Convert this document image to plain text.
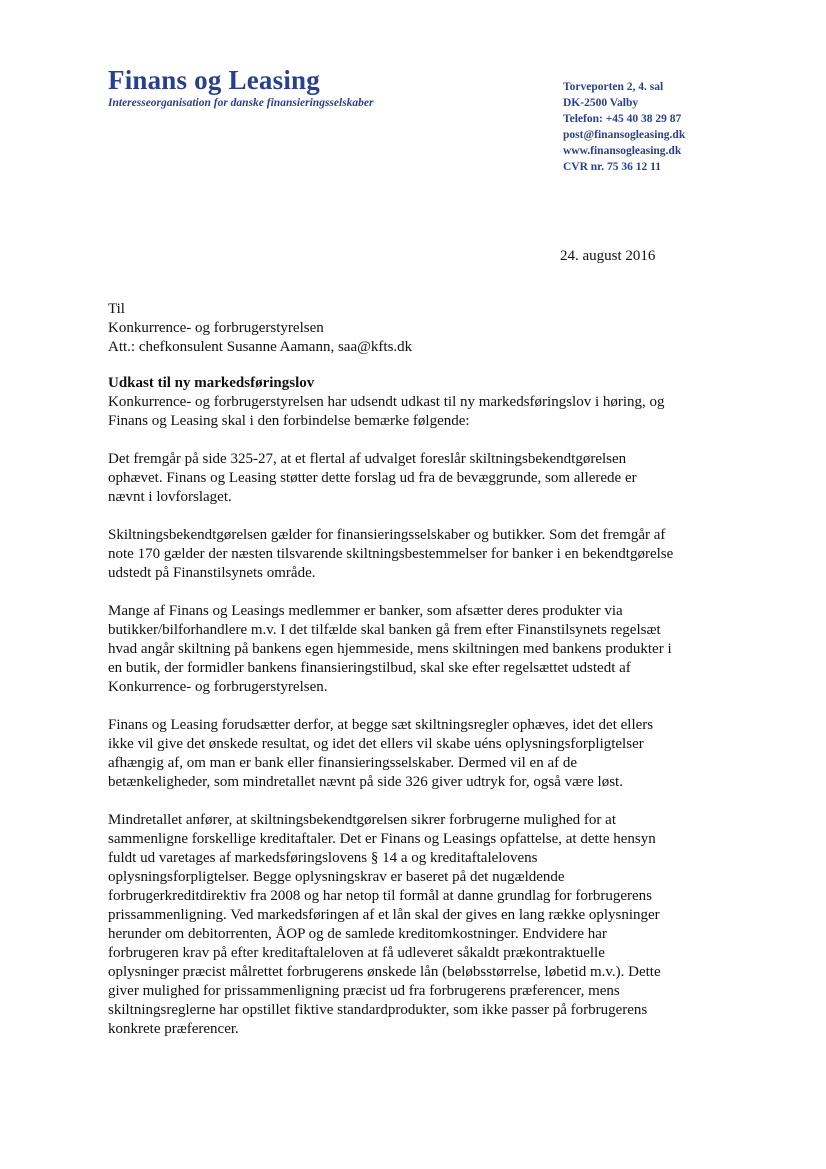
Finans og Leasing

Interesseorganisation for danske finansieringsselskaber

Torveporten 2, 4. sal
DK-2500 Valby
Telefon: +45 40 38 29 87
post@finansogleasing.dk
www.finansogleasing.dk
CVR nr. 75 36 12 11

24. august 2016

Til
Konkurrence- og forbrugerstyrelsen
Att.: chefkonsulent Susanne Aamann, saa@kfts.dk

Udkast til ny markedsføringslov

Konkurrence- og forbrugerstyrelsen har udsendt udkast til ny markedsføringslov i høring, og
Finans og Leasing skal i den forbindelse bemærke følgende:

Det fremgår på side 325-27, at et flertal af udvalget foreslår skiltningsbekendtgørelsen
ophævet. Finans og Leasing støtter dette forslag ud fra de bevæggrunde, som allerede er
nævnt i lovforslaget.

Skiltningsbekendtgørelsen gælder for finansieringsselskaber og butikker. Som det fremgår af
note 170 gælder der næsten tilsvarende skiltningsbestemmelser for banker i en bekendtgørelse
udstedt på Finanstilsynets område.

Mange af Finans og Leasings medlemmer er banker, som afsætter deres produkter via
butikker/bilforhandlere m.v. I det tilfælde skal banken gå frem efter Finanstilsynets regelsæt
hvad angår skiltning på bankens egen hjemmeside, mens skiltningen med bankens produkter i
en butik, der formidler bankens finansieringstilbud, skal ske efter regelsættet udstedt af
Konkurrence- og forbrugerstyrelsen.

Finans og Leasing forudsætter derfor, at begge sæt skiltningsregler ophæves, idet det ellers
ikke vil give det ønskede resultat, og idet det ellers vil skabe uéns oplysningsforpligtelser
afhængig af, om man er bank eller finansieringsselskaber. Dermed vil en af de
betænkeligheder, som mindretallet nævnt på side 326 giver udtryk for, også være løst.

Mindretallet anfører, at skiltningsbekendtgørelsen sikrer forbrugerne mulighed for at
sammenligne forskellige kreditaftaler. Det er Finans og Leasings opfattelse, at dette hensyn
fuldt ud varetages af markedsføringslovens § 14 a og kreditaftalelovens
oplysningsforpligtelser. Begge oplysningskrav er baseret på det nugældende
forbrugerkreditdirektiv fra 2008 og har netop til formål at danne grundlag for forbrugerens
prissammenligning. Ved markedsføringen af et lån skal der gives en lang række oplysninger
herunder om debitorrenten, ÅOP og de samlede kreditomkostninger. Endvidere har
forbrugeren krav på efter kreditaftaleloven at få udleveret såkaldt prækontraktuelle
oplysninger præcist målrettet forbrugerens ønskede lån (beløbsstørrelse, løbetid m.v.). Dette
giver mulighed for prissammenligning præcist ud fra forbrugerens præferencer, mens
skiltningsreglerne har opstillet fiktive standardprodukter, som ikke passer på forbrugerens
konkrete præferencer.
